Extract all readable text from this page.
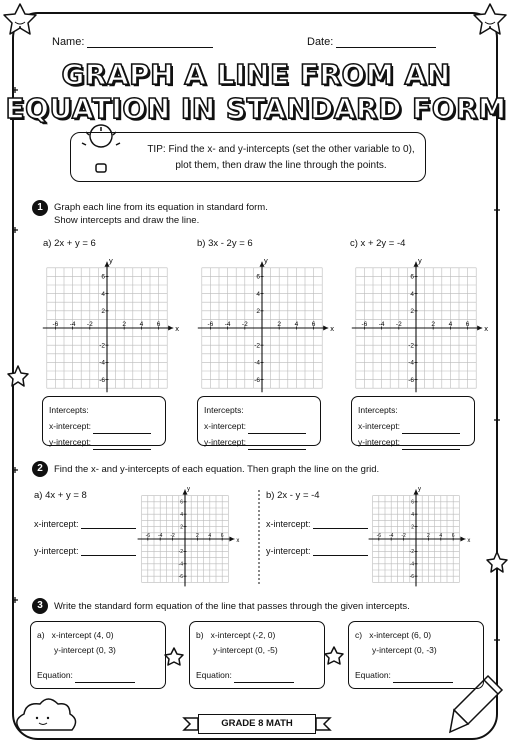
Name:	Date:
GRAPH A LINE FROM AN
EQUATION IN STANDARD FORM
TIP: Find the x- and y-intercepts (set the other variable to 0),
plot them, then draw the line through the points.
1	Graph each line from its equation in standard form.
Show intercepts and draw the line.
a) 2x + y = 6	b) 3x - 2y = 6	c) x + 2y = -4
x
y
-6
-6
-4
-4
-2
-2
2
2
4
4
6
6
x
y
-6
-6
-4
-4
-2
-2
2
2
4
4
6
6
x
y
-6
-6
-4
-4
-2
-2
2
2
4
4
6
6
Intercepts:
x-intercept:
y-intercept:
Intercepts:
x-intercept:
y-intercept:
Intercepts:
x-intercept:
y-intercept:
2	Find the x- and y-intercepts of each equation. Then graph the line on the grid.
a) 4x + y = 8
x-intercept:
y-intercept:
x
y
-6
-6
-4
-4
-2
-2
2
2
4
4
6
6
b) 2x - y = -4
x-intercept:
y-intercept:
x
y
-6
-6
-4
-4
-2
-2
2
2
4
4
6
6
3	Write the standard form equation of the line that passes through the given intercepts.
a) x-intercept (4, 0)
y-intercept (0, 3)
Equation:
b) x-intercept (-2, 0)
y-intercept (0, -5)
Equation:
c) x-intercept (6, 0)
y-intercept (0, -3)
Equation:
GRADE 8 MATH
